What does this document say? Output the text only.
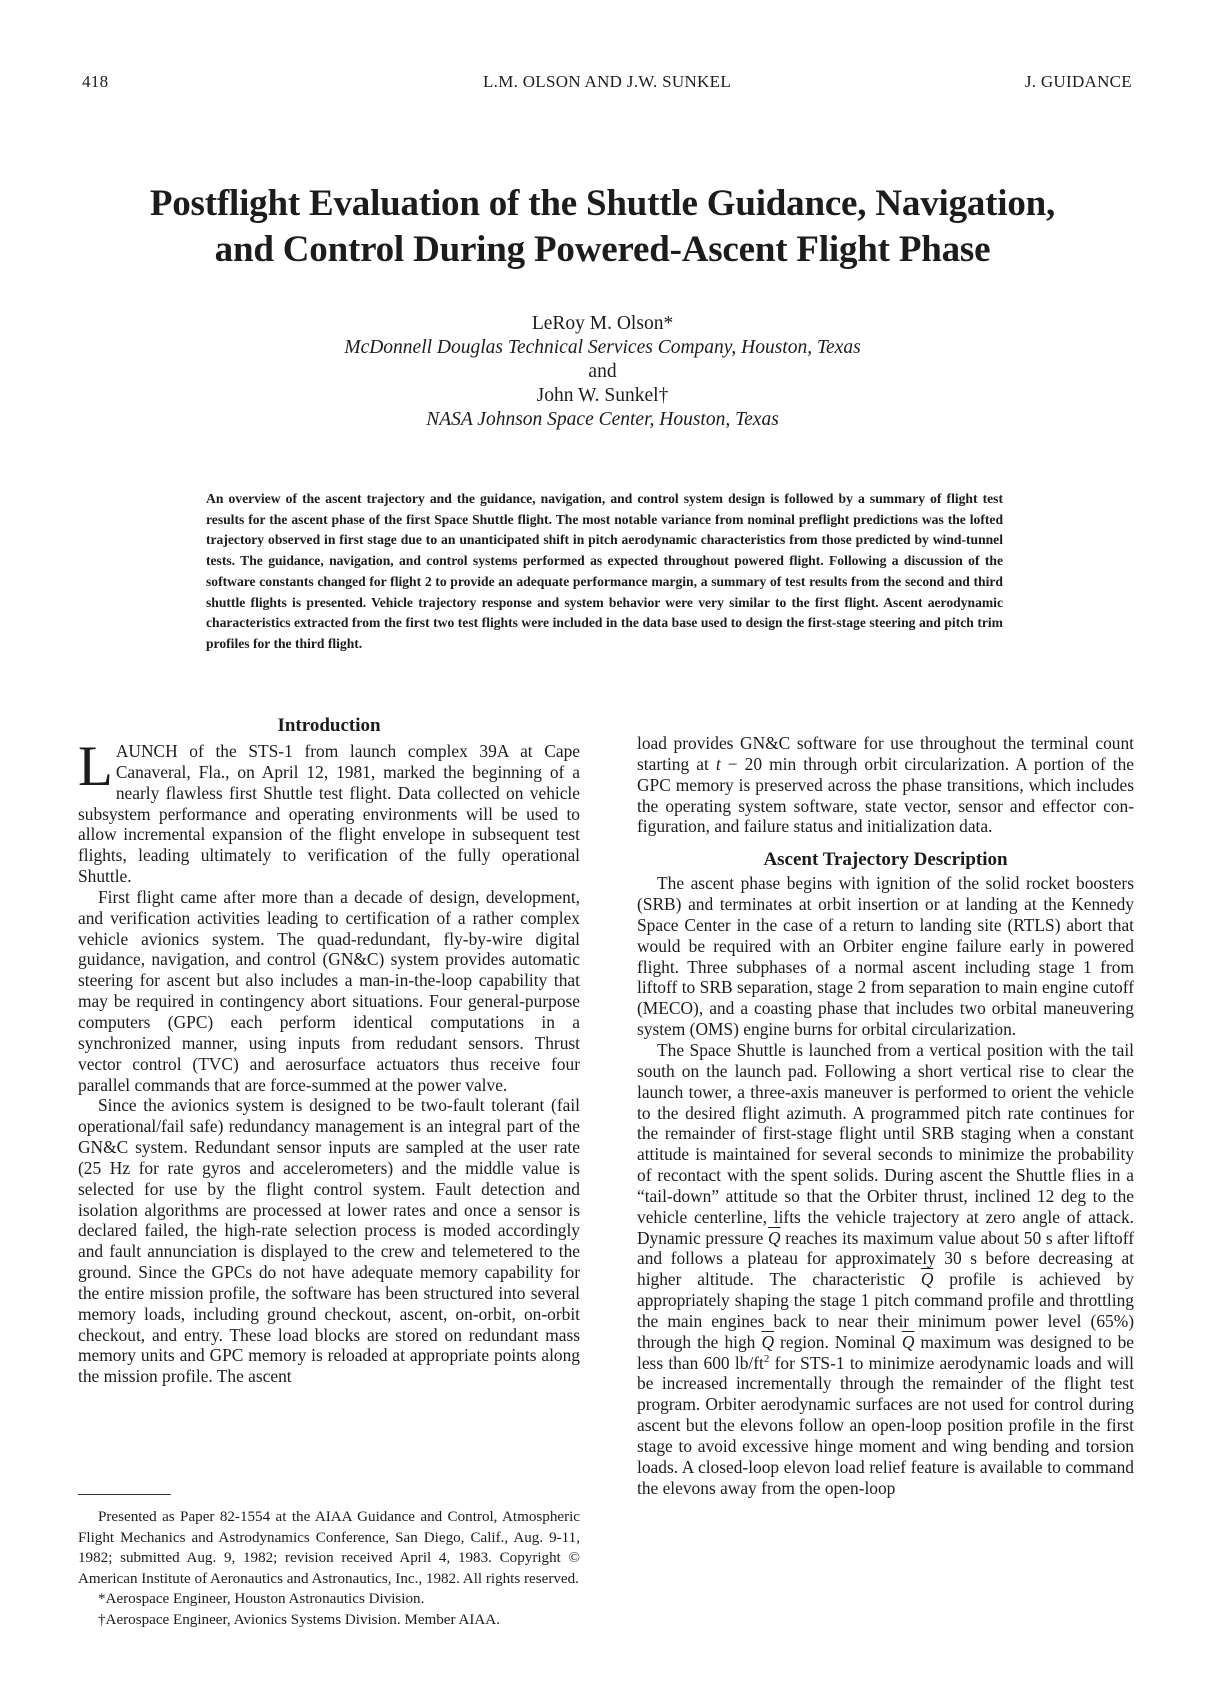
418	L.M. OLSON AND J.W. SUNKEL	J. GUIDANCE
Postflight Evaluation of the Shuttle Guidance, Navigation,
and Control During Powered-Ascent Flight Phase
LeRoy M. Olson*
McDonnell Douglas Technical Services Company, Houston, Texas
and
John W. Sunkel†
NASA Johnson Space Center, Houston, Texas
An overview of the ascent trajectory and the guidance, navigation, and control system design is followed by a summary of flight test results for the ascent phase of the first Space Shuttle flight. The most notable variance from nominal preflight predictions was the lofted trajectory observed in first stage due to an unanticipated shift in pitch aerodynamic characteristics from those predicted by wind-tunnel tests. The guidance, navigation, and control systems performed as expected throughout powered flight. Following a discussion of the software constants changed for flight 2 to provide an adequate performance margin, a summary of test results from the second and third shuttle flights is presented. Vehicle trajectory response and system behavior were very similar to the first flight. Ascent aerodynamic characteristics extracted from the first two test flights were included in the data base used to design the first-stage steering and pitch trim profiles for the third flight.
Introduction

LAUNCH of the STS-1 from launch complex 39A at Cape Canaveral, Fla., on April 12, 1981, marked the beginning of a nearly flawless first Shuttle test flight. Data collected on vehicle subsystem performance and operating environments will be used to allow incremental expansion of the flight envelope in subsequent test flights, leading ultimately to verification of the fully operational Shuttle.

First flight came after more than a decade of design, development, and verification activities leading to certification of a rather complex vehicle avionics system. The quad-redundant, fly-by-wire digital guidance, navigation, and control (GN&C) system provides automatic steering for ascent but also includes a man-in-the-loop capability that may be required in contingency abort situations. Four general-purpose computers (GPC) each perform identical computations in a synchronized manner, using inputs from redudant sensors. Thrust vector control (TVC) and aerosurface actuators thus receive four parallel commands that are force-summed at the power valve.

Since the avionics system is designed to be two-fault tolerant (fail operational/fail safe) redundancy management is an integral part of the GN&C system. Redundant sensor inputs are sampled at the user rate (25 Hz for rate gyros and accelerometers) and the middle value is selected for use by the flight control system. Fault detection and isolation algorithms are processed at lower rates and once a sensor is declared failed, the high-rate selection process is moded accordingly and fault annunciation is displayed to the crew and telemetered to the ground. Since the GPCs do not have adequate memory capability for the entire mission profile, the software has been structured into several memory loads, including ground checkout, ascent, on-orbit, on-orbit checkout, and entry. These load blocks are stored on redundant mass memory units and GPC memory is reloaded at appropriate points along the mission profile. The ascent

Presented as Paper 82-1554 at the AIAA Guidance and Control, Atmospheric Flight Mechanics and Astrodynamics Conference, San Diego, Calif., Aug. 9-11, 1982; submitted Aug. 9, 1982; revision received April 4, 1983. Copyright © American Institute of Aeronautics and Astronautics, Inc., 1982. All rights reserved.

*Aerospace Engineer, Houston Astronautics Division.

†Aerospace Engineer, Avionics Systems Division. Member AIAA.

load provides GN&C software for use throughout the terminal count starting at t − 20 min through orbit circularization. A portion of the GPC memory is preserved across the phase transitions, which includes the operating system software, state vector, sensor and effector configuration, and failure status and initialization data.

Ascent Trajectory Description

The ascent phase begins with ignition of the solid rocket boosters (SRB) and terminates at orbit insertion or at landing at the Kennedy Space Center in the case of a return to landing site (RTLS) abort that would be required with an Orbiter engine failure early in powered flight. Three subphases of a normal ascent including stage 1 from liftoff to SRB separation, stage 2 from separation to main engine cutoff (MECO), and a coasting phase that includes two orbital maneuvering system (OMS) engine burns for orbital circularization.

The Space Shuttle is launched from a vertical position with the tail south on the launch pad. Following a short vertical rise to clear the launch tower, a three-axis maneuver is performed to orient the vehicle to the desired flight azimuth. A programmed pitch rate continues for the remainder of first-stage flight until SRB staging when a constant attitude is maintained for several seconds to minimize the probability of recontact with the spent solids. During ascent the Shuttle flies in a “tail-down” attitude so that the Orbiter thrust, inclined 12 deg to the vehicle centerline, lifts the vehicle trajectory at zero angle of attack. Dynamic pressure $\overline{Q}$ reaches its maximum value about 50 s after liftoff and follows a plateau for approximately 30 s before decreasing at higher altitude. The characteristic $\overline{Q}$ profile is achieved by appropriately shaping the stage 1 pitch command profile and throttling the main engines back to near their minimum power level (65%) through the high $\overline{Q}$ region. Nominal $\overline{Q}$ maximum was designed to be less than 600 $lb/ft^2$ for STS-1 to minimize aerodynamic loads and will be increased incrementally through the remainder of the flight test program. Orbiter aerodynamic surfaces are not used for control during ascent but the elevons follow an open-loop position profile in the first stage to avoid excessive hinge moment and wing bending and torsion loads. A closed-loop elevon load relief feature is available to command the elevons away from the open-loop
